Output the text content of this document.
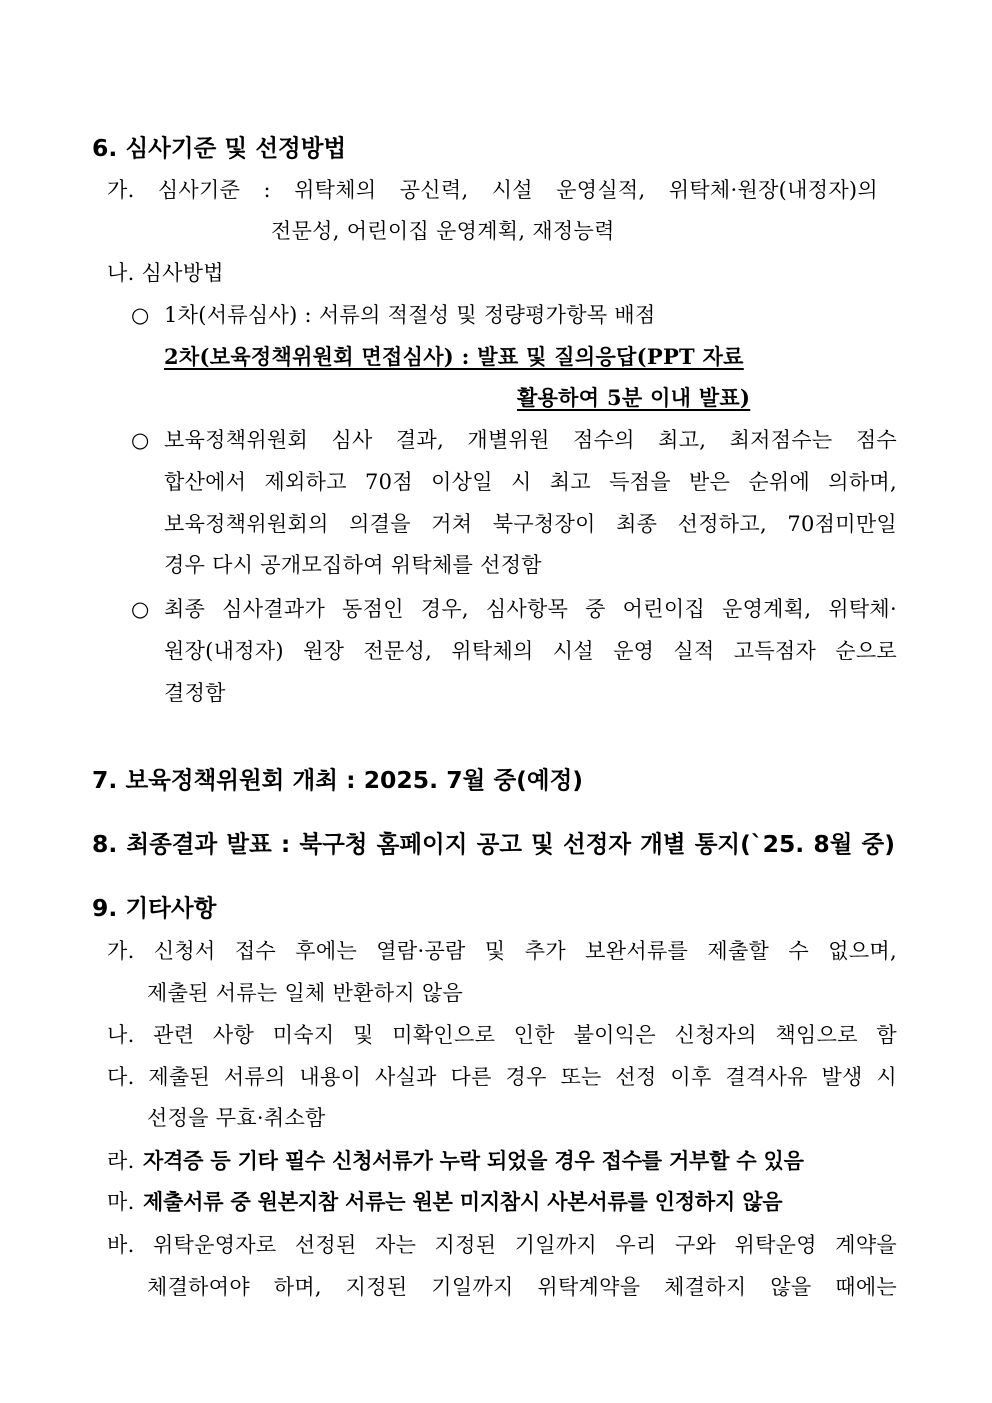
6. 심사기준 및 선정방법
가. 심사기준 : 위탁체의 공신력, 시설 운영실적, 위탁체·원장(내정자)의
전문성, 어린이집 운영계획, 재정능력
나. 심사방법
○ 1차(서류심사) : 서류의 적절성 및 정량평가항목 배점
2차(보육정책위원회 면접심사) : 발표 및 질의응답(PPT 자료
활용하여 5분 이내 발표)
○ 보육정책위원회 심사 결과, 개별위원 점수의 최고, 최저점수는 점수
합산에서 제외하고 70점 이상일 시 최고 득점을 받은 순위에 의하며,
보육정책위원회의 의결을 거쳐 북구청장이 최종 선정하고, 70점미만일
경우 다시 공개모집하여 위탁체를 선정함
○ 최종 심사결과가 동점인 경우, 심사항목 중 어린이집 운영계획, 위탁체·
원장(내정자) 원장 전문성, 위탁체의 시설 운영 실적 고득점자 순으로
결정함
7. 보육정책위원회 개최 : 2025. 7월 중(예정)
8. 최종결과 발표 : 북구청 홈페이지 공고 및 선정자 개별 통지(`25. 8월 중)
9. 기타사항
가. 신청서 접수 후에는 열람·공람 및 추가 보완서류를 제출할 수 없으며,
제출된 서류는 일체 반환하지 않음
나. 관련 사항 미숙지 및 미확인으로 인한 불이익은 신청자의 책임으로 함
다. 제출된 서류의 내용이 사실과 다른 경우 또는 선정 이후 결격사유 발생 시
선정을 무효·취소함
라. 자격증 등 기타 필수 신청서류가 누락 되었을 경우 접수를 거부할 수 있음
마. 제출서류 중 원본지참 서류는 원본 미지참시 사본서류를 인정하지 않음
바. 위탁운영자로 선정된 자는 지정된 기일까지 우리 구와 위탁운영 계약을
체결하여야 하며, 지정된 기일까지 위탁계약을 체결하지 않을 때에는
